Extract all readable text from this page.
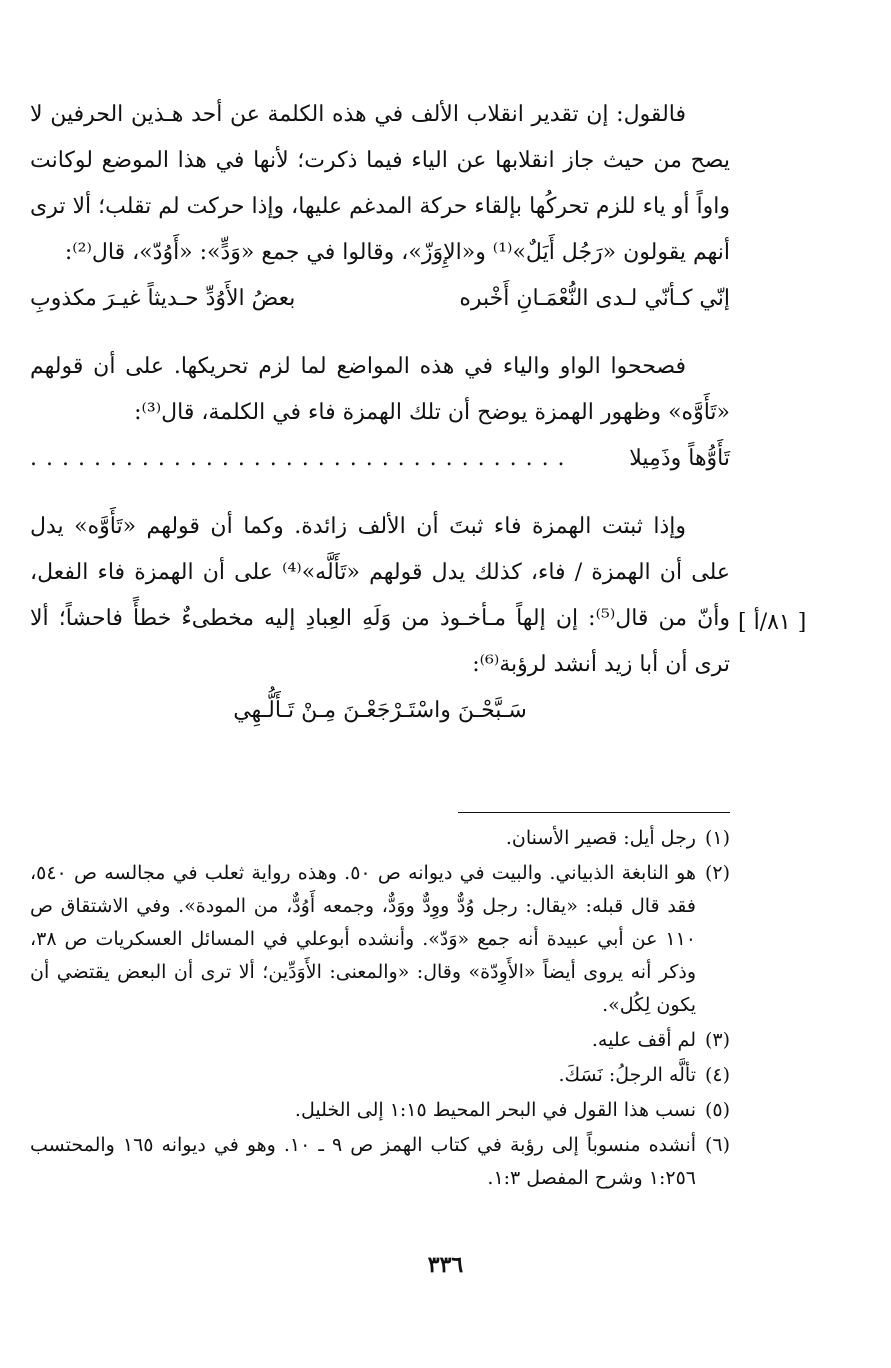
فالقول: إن تقدير انقلاب الألف في هذه الكلمة عن أحد هـذين الحرفين لا يصح من حيث جاز انقلابها عن الياء فيما ذكرت؛ لأنها في هذا الموضع لوكانت واواً أو ياء للزم تحركُها بإلقاء حركة المدغم عليها، وإذا حركت لم تقلب؛ ألا ترى أنهم يقولون «رَجُل أَيَلٌ»⁽¹⁾ و«الإِوَزّ»، وقالوا في جمع «وَدٍّ»: «أَوُدّ»، قال⁽²⁾:

إنّي كـأنّي لـدى النُّعْمَـانِ أَخْبره
بعضُ الأَوُدِّ حـديثاً غيـرَ مكذوبِ

فصححوا الواو والياء في هذه المواضع لما لزم تحريكها. على أن قولهم «تَأَوَّه» وظهور الهمزة يوضح أن تلك الهمزة فاء في الكلمة، قال⁽³⁾:

تَأَوُّهاً وذَمِيلا
. . . . . . . . . . . . . . . . . . . . . . . . . . . . . . . . . .

وإذا ثبتت الهمزة فاء ثبتَ أن الألف زائدة. وكما أن قولهم «تَأَوَّه» يدل على أن الهمزة / فاء، كذلك يدل قولهم «تَأَلَّه»⁽⁴⁾ على أن الهمزة فاء الفعل، وأنّ من قال⁽⁵⁾: إن إلهاً مـأخـوذ من وَلَهِ العِبادِ إليه مخطىءٌ خطأً فاحشاً؛ ألا ترى أن أبا زيد أنشد لرؤبة⁽⁶⁾:

سَـبَّحْـنَ واسْتَـرْجَعْـنَ مِـنْ تَـأَلُّـهِي

[ ٨١/أ ]
(١)
رجل أيل: قصير الأسنان.
(٢)
هو النابغة الذبياني. والبيت في ديوانه ص ٥٠. وهذه رواية ثعلب في مجالسه ص ٥٤٠، فقد قال قبله: «يقال: رجل وُدٌّ ووِدٌّ ووَدٌّ، وجمعه أَوُدٌّ، من المودة». وفي الاشتقاق ص ١١٠ عن أبي عبيدة أنه جمع «وَدّ». وأنشده أبوعلي في المسائل العسكريات ص ٣٨، وذكر أنه يروى أيضاً «الأَوِدّة» وقال: «والمعنى: الأَوَدِّين؛ ألا ترى أن البعض يقتضي أن يكون لِكُل».
(٣)
لم أقف عليه.
(٤)
تألَّه الرجلُ: نَسَكَ.
(٥)
نسب هذا القول في البحر المحيط ١:١٥ إلى الخليل.
(٦)
أنشده منسوباً إلى رؤبة في كتاب الهمز ص ٩ ـ ١٠. وهو في ديوانه ١٦٥ والمحتسب ١:٢٥٦ وشرح المفصل ١:٣.
٣٣٦
